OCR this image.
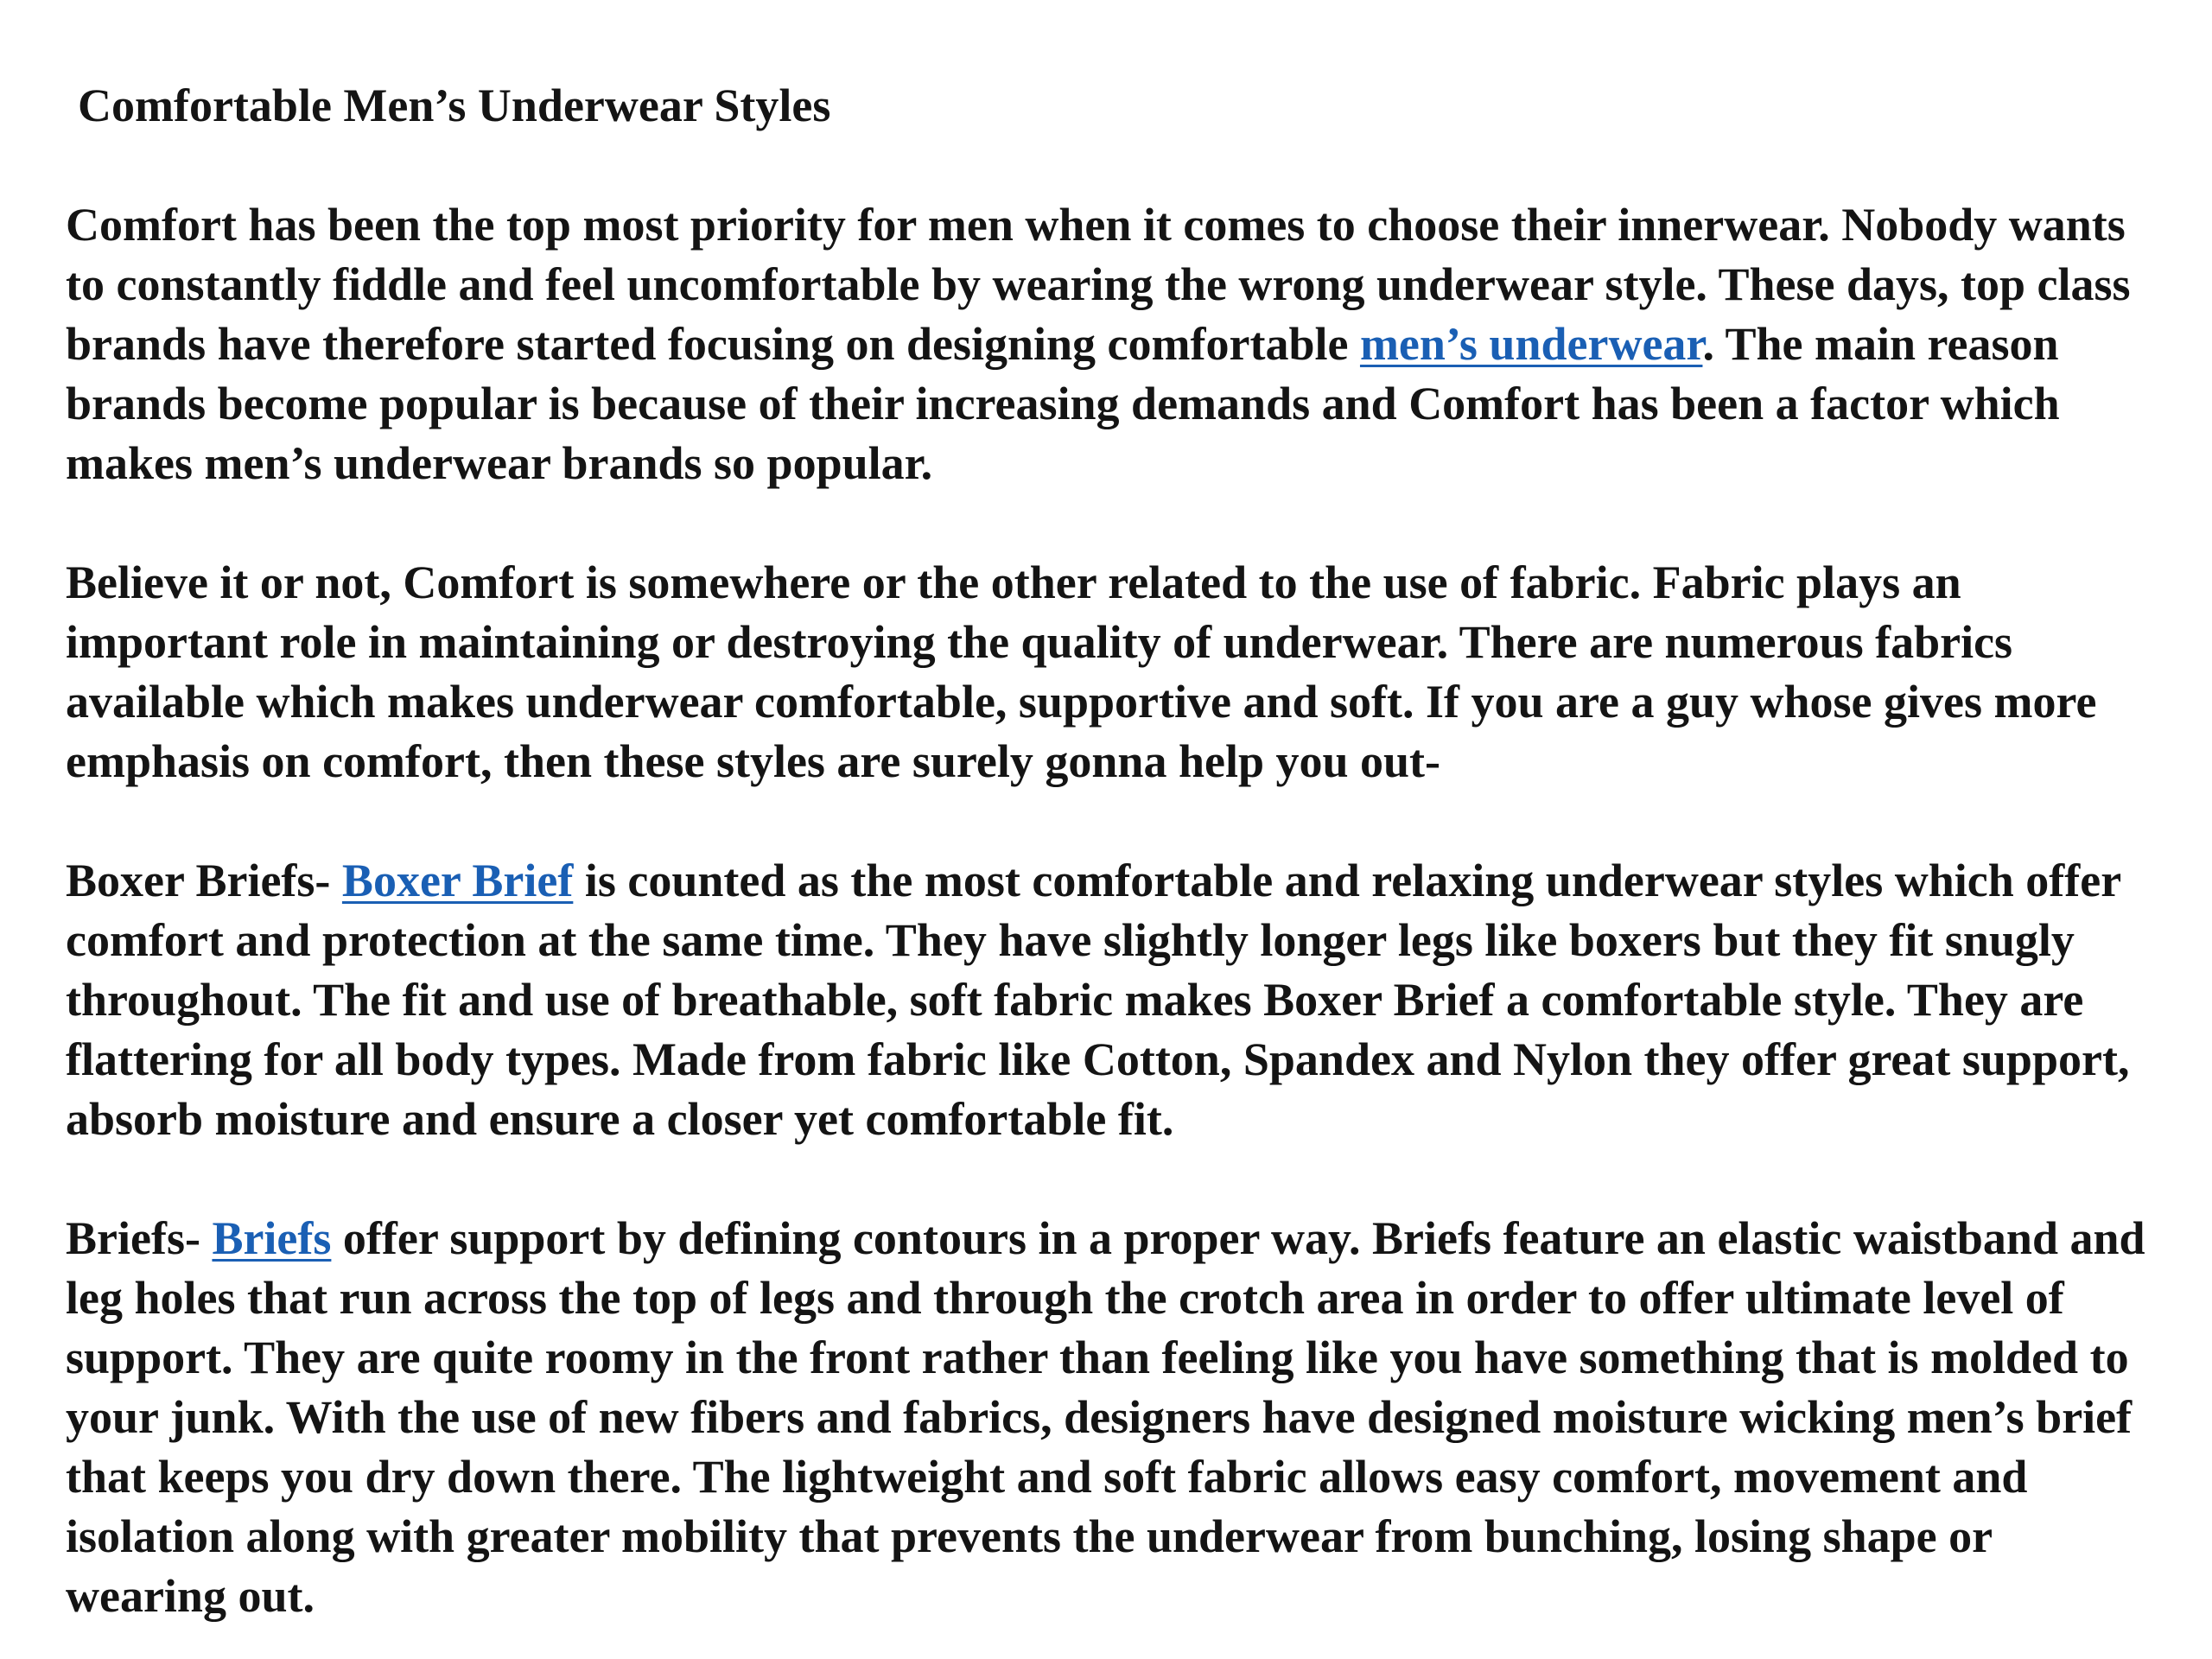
Comfortable Men’s Underwear Styles

Comfort has been the top most priority for men when it comes to choose their innerwear. Nobody wants to constantly fiddle and feel uncomfortable by wearing the wrong underwear style. These days, top class brands have therefore started focusing on designing comfortable men’s underwear. The main reason brands become popular is because of their increasing demands and Comfort has been a factor which makes men’s underwear brands so popular.

Believe it or not, Comfort is somewhere or the other related to the use of fabric. Fabric plays an important role in maintaining or destroying the quality of underwear. There are numerous fabrics available which makes underwear comfortable, supportive and soft. If you are a guy whose gives more emphasis on comfort, then these styles are surely gonna help you out-

Boxer Briefs- Boxer Brief is counted as the most comfortable and relaxing underwear styles which offer comfort and protection at the same time. They have slightly longer legs like boxers but they fit snugly throughout. The fit and use of breathable, soft fabric makes Boxer Brief a comfortable style. They are flattering for all body types. Made from fabric like Cotton, Spandex and Nylon they offer great support, absorb moisture and ensure a closer yet comfortable fit.

Briefs- Briefs offer support by defining contours in a proper way. Briefs feature an elastic waistband and leg holes that run across the top of legs and through the crotch area in order to offer ultimate level of support. They are quite roomy in the front rather than feeling like you have something that is molded to your junk. With the use of new fibers and fabrics, designers have designed moisture wicking men’s brief that keeps you dry down there. The lightweight and soft fabric allows easy comfort, movement and isolation along with greater mobility that prevents the underwear from bunching, losing shape or wearing out.
